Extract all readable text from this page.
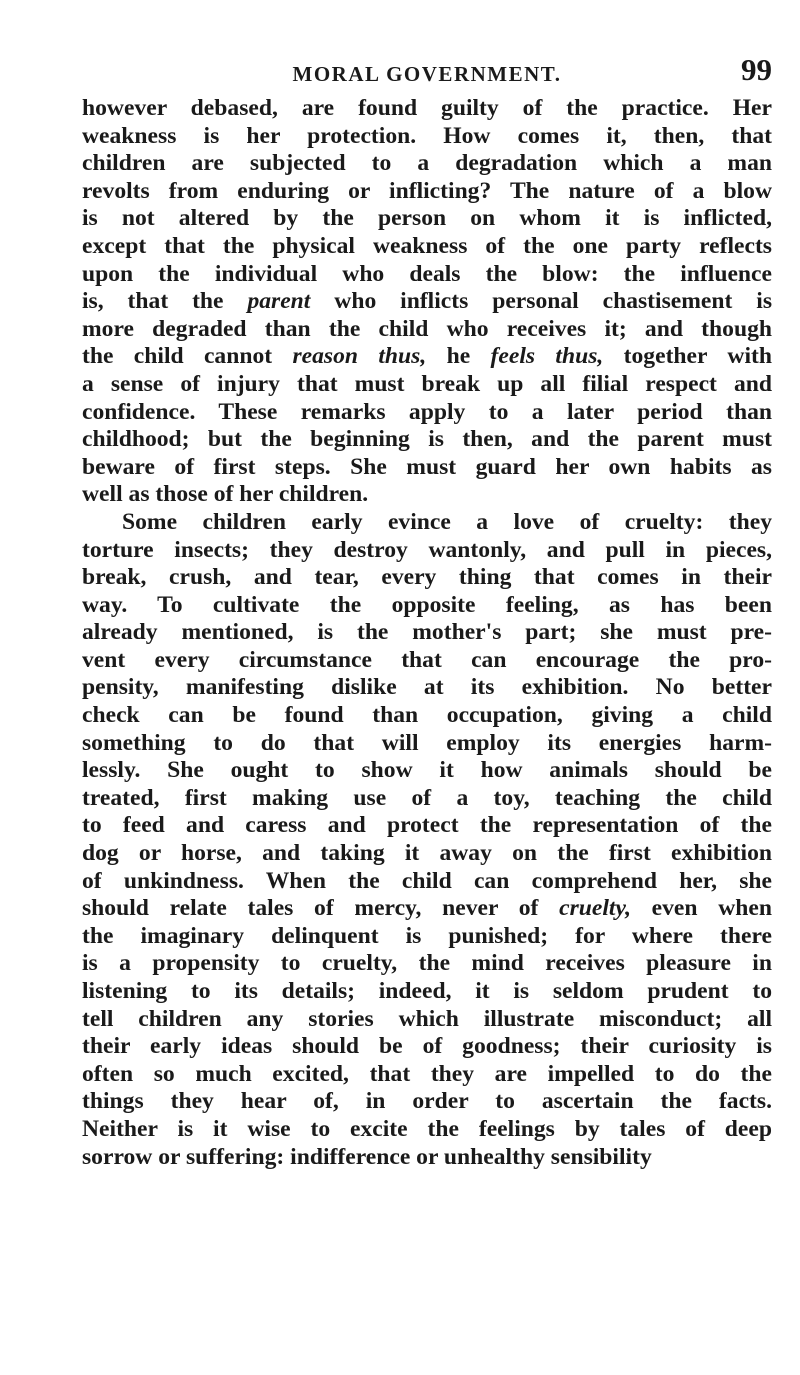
MORAL GOVERNMENT.	99
however debased, are found guilty of the practice. Her
weakness is her protection. How comes it, then, that
children are subjected to a degradation which a man
revolts from enduring or inflicting? The nature of a blow
is not altered by the person on whom it is inflicted,
except that the physical weakness of the one party reflects
upon the individual who deals the blow: the influence
is, that the parent who inflicts personal chastisement is
more degraded than the child who receives it; and though
the child cannot reason thus, he feels thus, together with
a sense of injury that must break up all filial respect and
confidence. These remarks apply to a later period than
childhood; but the beginning is then, and the parent must
beware of first steps. She must guard her own habits as
well as those of her children.
Some children early evince a love of cruelty: they
torture insects; they destroy wantonly, and pull in pieces,
break, crush, and tear, every thing that comes in their
way. To cultivate the opposite feeling, as has been
already mentioned, is the mother's part; she must pre-
vent every circumstance that can encourage the pro-
pensity, manifesting dislike at its exhibition. No better
check can be found than occupation, giving a child
something to do that will employ its energies harm-
lessly. She ought to show it how animals should be
treated, first making use of a toy, teaching the child
to feed and caress and protect the representation of the
dog or horse, and taking it away on the first exhibition
of unkindness. When the child can comprehend her, she
should relate tales of mercy, never of cruelty, even when
the imaginary delinquent is punished; for where there
is a propensity to cruelty, the mind receives pleasure in
listening to its details; indeed, it is seldom prudent to
tell children any stories which illustrate misconduct; all
their early ideas should be of goodness; their curiosity is
often so much excited, that they are impelled to do the
things they hear of, in order to ascertain the facts.
Neither is it wise to excite the feelings by tales of deep
sorrow or suffering: indifference or unhealthy sensibility
